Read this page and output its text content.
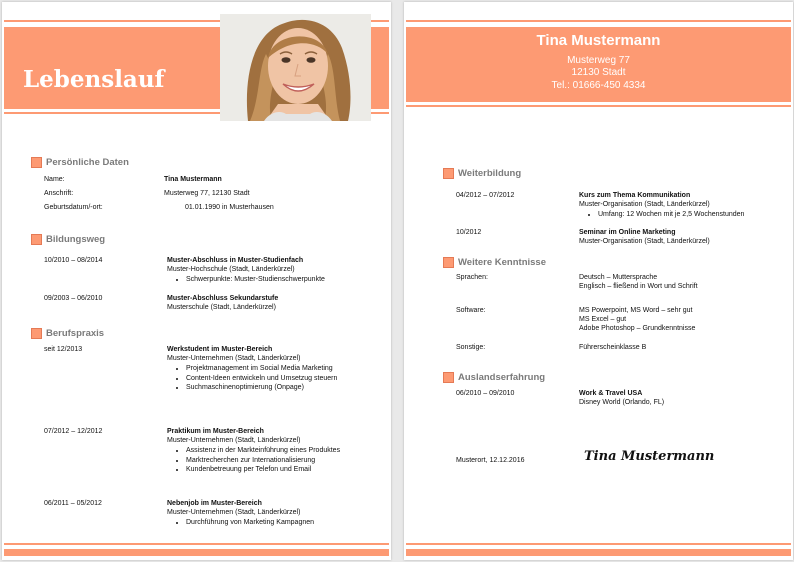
Lebenslauf
Persönliche Daten
Name:	Tina Mustermann
Anschrift:	Musterweg 77, 12130 Stadt
Geburtsdatum/-ort:	01.01.1990 in Musterhausen
Bildungsweg
10/2010 – 08/2014	Muster-Abschluss in Muster-Studienfach
Muster-Hochschule (Stadt, Länderkürzel)
• Schwerpunkte: Muster-Studienschwerpunkte
09/2003 – 06/2010	Muster-Abschluss Sekundarstufe
Musterschule (Stadt, Länderkürzel)
Berufspraxis
seit 12/2013	Werkstudent im Muster-Bereich
Muster-Unternehmen (Stadt, Länderkürzel)
• Projektmanagement im Social Media Marketing
• Content-Ideen entwickeln und Umsetzug steuern
• Suchmaschinenoptimierung (Onpage)
07/2012 – 12/2012	Praktikum im Muster-Bereich
Muster-Unternehmen (Stadt, Länderkürzel)
• Assistenz in der Markteinführung eines Produktes
• Marktrecherchen zur Internationalisierung
• Kundenbetreuung per Telefon und Email
06/2011 – 05/2012	Nebenjob im Muster-Bereich
Muster-Unternehmen (Stadt, Länderkürzel)
• Durchführung von Marketing Kampagnen
Tina Mustermann
Musterweg 77
12130 Stadt
Tel.: 01666-450 4334
Weiterbildung
04/2012 – 07/2012	Kurs zum Thema Kommunikation
Muster-Organisation (Stadt, Länderkürzel)
• Umfang: 12 Wochen mit je 2,5 Wochenstunden
10/2012	Seminar im Online Marketing
Muster-Organisation (Stadt, Länderkürzel)
Weitere Kenntnisse
Sprachen:	Deutsch – Muttersprache
Englisch – fließend in Wort und Schrift
Software:	MS Powerpoint, MS Word – sehr gut
MS Excel – gut
Adobe Photoshop – Grundkenntnisse
Sonstige:	Führerscheinklasse B
Auslandserfahrung
06/2010 – 09/2010	Work & Travel USA
Disney World (Orlando, FL)
Musterort, 12.12.2016	Tina Mustermann
